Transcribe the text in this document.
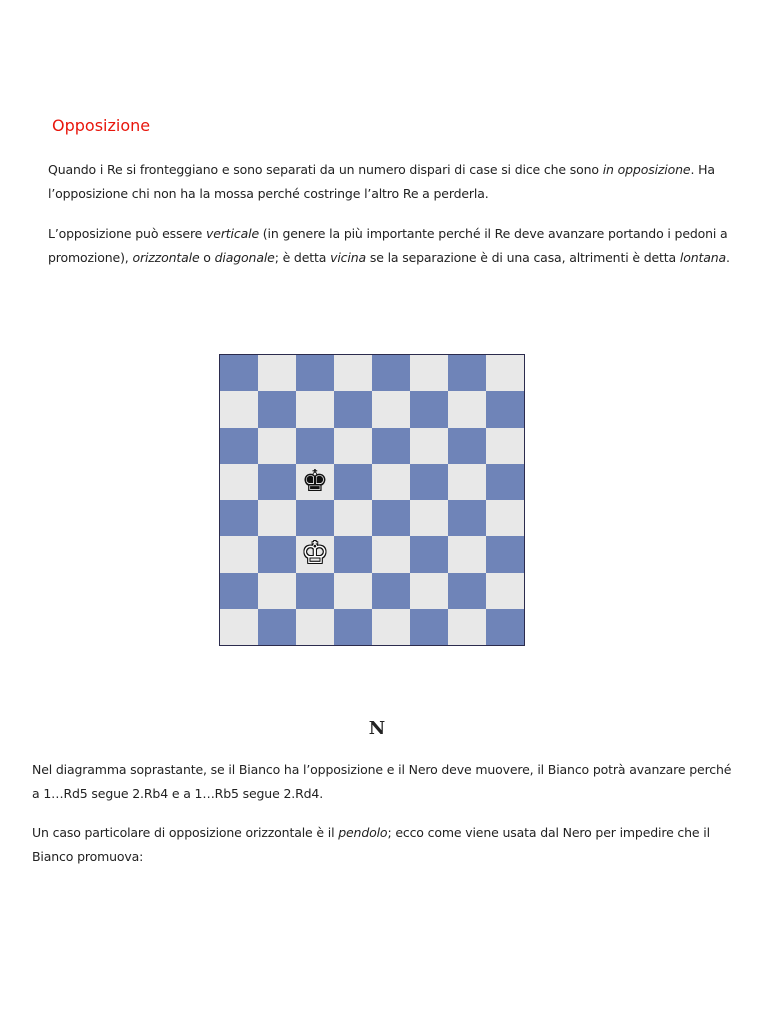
Opposizione

Quando i Re si fronteggiano e sono separati da un numero dispari di case si dice che sono in opposizione. Ha l’opposizione chi non ha la mossa perché costringe l’altro Re a perderla.

L’opposizione può essere verticale (in genere la più importante perché il Re deve avanzare portando i pedoni a promozione), orizzontale o diagonale; è detta vicina se la separazione è di una casa, altrimenti è detta lontana.

♚
♔
N

Nel diagramma soprastante, se il Bianco ha l’opposizione e il Nero deve muovere, il Bianco potrà avanzare perché a 1…Rd5 segue 2.Rb4 e a 1…Rb5 segue 2.Rd4.

Un caso particolare di opposizione orizzontale è il pendolo; ecco come viene usata dal Nero per impedire che il Bianco promuova:
